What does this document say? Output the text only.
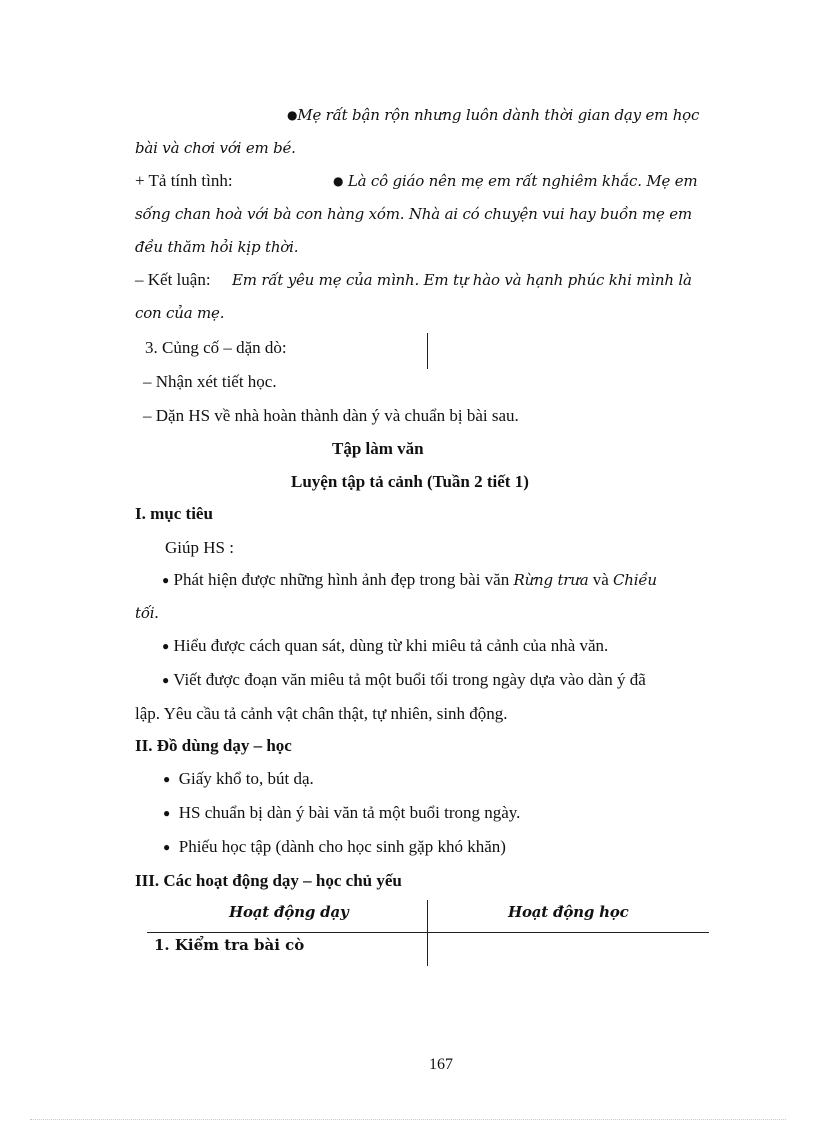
●Mẹ rất bận rộn nhưng luôn dành thời gian dạy em học
bài và chơi với em bé.
+ Tả tính tình:	● Là cô giáo nên mẹ em rất nghiêm khắc. Mẹ em
sống chan hoà với bà con hàng xóm. Nhà ai có chuyện vui hay buồn mẹ em
đều thăm hỏi kịp thời.
– Kết luận: Em rất yêu mẹ của mình. Em tự hào và hạnh phúc khi mình là
con của mẹ.
3. Củng cố – dặn dò:
– Nhận xét tiết học.
– Dặn HS về nhà hoàn thành dàn ý và chuẩn bị bài sau.
Tập làm văn
Luyện tập tả cảnh (Tuần 2 tiết 1)
I. mục tiêu
Giúp HS :
● Phát hiện được những hình ảnh đẹp trong bài văn Rừng trưa và Chiều
tối.
● Hiểu được cách quan sát, dùng từ khi miêu tả cảnh của nhà văn.
● Viết được đoạn văn miêu tả một buổi tối trong ngày dựa vào dàn ý đã
lập. Yêu cầu tả cảnh vật chân thật, tự nhiên, sinh động.
II. Đồ dùng dạy – học
● Giấy khổ to, bút dạ.
● HS chuẩn bị dàn ý bài văn tả một buổi trong ngày.
● Phiếu học tập (dành cho học sinh gặp khó khăn)
III. Các hoạt động dạy – học chủ yếu
Hoạt động dạy	Hoạt động học
1. Kiểm tra bài cò
167
